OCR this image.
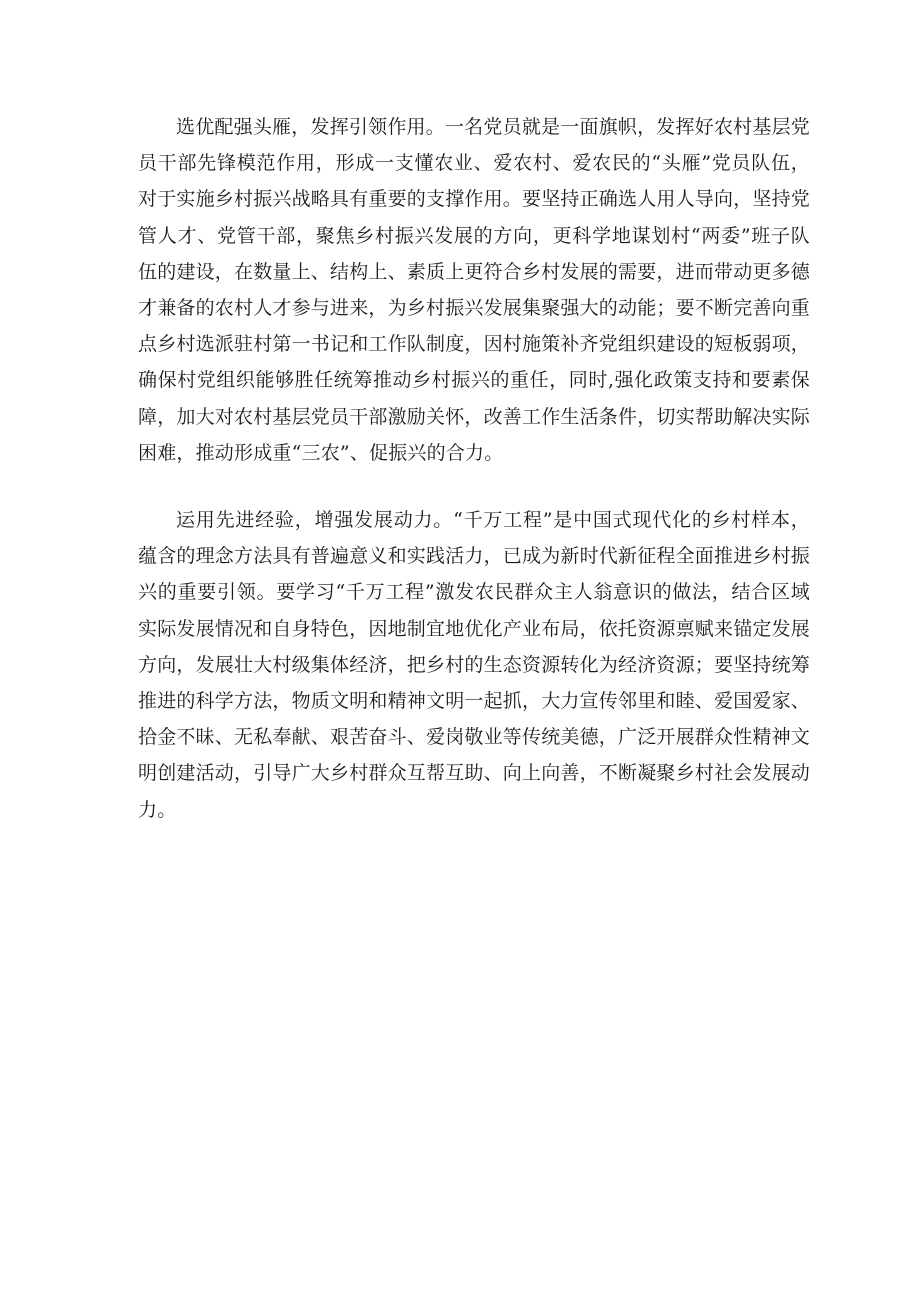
选优配强头雁，发挥引领作用。一名党员就是一面旗帜，发挥好农村基层党员干部先锋模范作用，形成一支懂农业、爱农村、爱农民的“头雁”党员队伍，对于实施乡村振兴战略具有重要的支撑作用。要坚持正确选人用人导向，坚持党管人才、党管干部，聚焦乡村振兴发展的方向，更科学地谋划村“两委”班子队伍的建设，在数量上、结构上、素质上更符合乡村发展的需要，进而带动更多德才兼备的农村人才参与进来，为乡村振兴发展集聚强大的动能；要不断完善向重点乡村选派驻村第一书记和工作队制度，因村施策补齐党组织建设的短板弱项，确保村党组织能够胜任统筹推动乡村振兴的重任，同时,强化政策支持和要素保障，加大对农村基层党员干部激励关怀，改善工作生活条件，切实帮助解决实际困难，推动形成重“三农”、促振兴的合力。

运用先进经验，增强发展动力。“千万工程”是中国式现代化的乡村样本，蕴含的理念方法具有普遍意义和实践活力，已成为新时代新征程全面推进乡村振兴的重要引领。要学习“千万工程”激发农民群众主人翁意识的做法，结合区域实际发展情况和自身特色，因地制宜地优化产业布局，依托资源禀赋来锚定发展方向，发展壮大村级集体经济，把乡村的生态资源转化为经济资源；要坚持统筹推进的科学方法，物质文明和精神文明一起抓，大力宣传邻里和睦、爱国爱家、拾金不昧、无私奉献、艰苦奋斗、爱岗敬业等传统美德，广泛开展群众性精神文明创建活动，引导广大乡村群众互帮互助、向上向善，不断凝聚乡村社会发展动力。
